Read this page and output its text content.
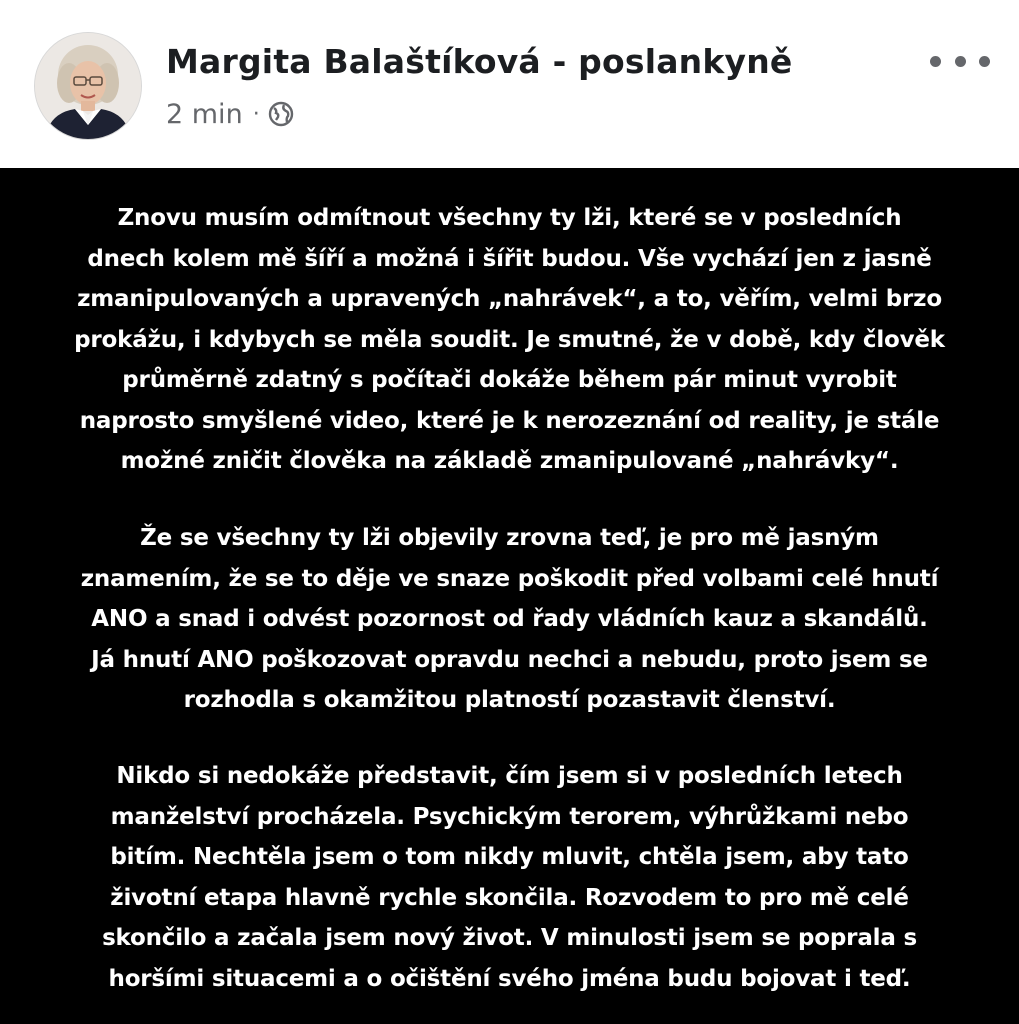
Margita Balaštíková - poslankyně
2 min ·
Znovu musím odmítnout všechny ty lži, které se v posledních
dnech kolem mě šíří a možná i šířit budou. Vše vychází jen z jasně
zmanipulovaných a upravených „nahrávek“, a to, věřím, velmi brzo
prokážu, i kdybych se měla soudit. Je smutné, že v době, kdy člověk
průměrně zdatný s počítači dokáže během pár minut vyrobit
naprosto smyšlené video, které je k nerozeznání od reality, je stále
možné zničit člověka na základě zmanipulované „nahrávky“.
Že se všechny ty lži objevily zrovna teď, je pro mě jasným
znamením, že se to děje ve snaze poškodit před volbami celé hnutí
ANO a snad i odvést pozornost od řady vládních kauz a skandálů.
Já hnutí ANO poškozovat opravdu nechci a nebudu, proto jsem se
rozhodla s okamžitou platností pozastavit členství.
Nikdo si nedokáže představit, čím jsem si v posledních letech
manželství procházela. Psychickým terorem, výhrůžkami nebo
bitím. Nechtěla jsem o tom nikdy mluvit, chtěla jsem, aby tato
životní etapa hlavně rychle skončila. Rozvodem to pro mě celé
skončilo a začala jsem nový život. V minulosti jsem se poprala s
horšími situacemi a o očištění svého jména budu bojovat i teď.
